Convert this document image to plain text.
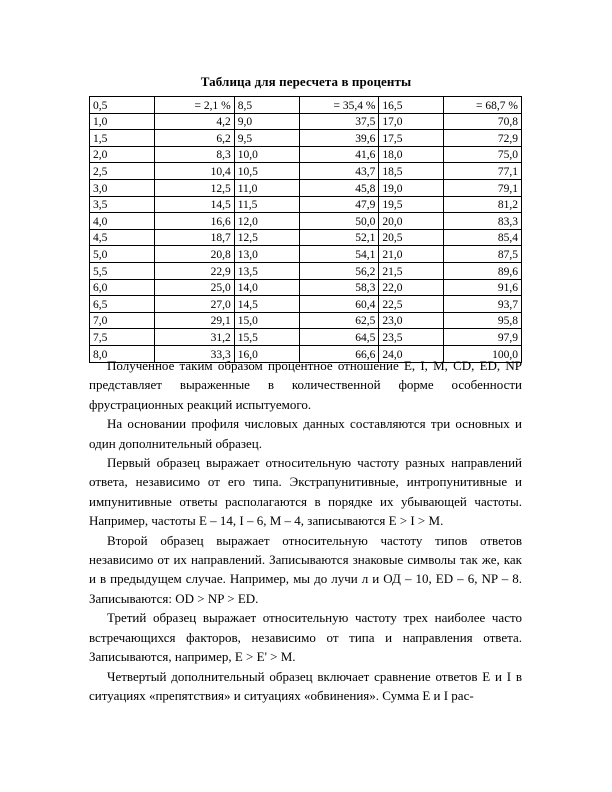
Таблица для пересчета в проценты
0,5	= 2,1 %	8,5	= 35,4 %	16,5	= 68,7 %
1,0	4,2	9,0	37,5	17,0	70,8
1,5	6,2	9,5	39,6	17,5	72,9
2,0	8,3	10,0	41,6	18,0	75,0
2,5	10,4	10,5	43,7	18,5	77,1
3,0	12,5	11,0	45,8	19,0	79,1
3,5	14,5	11,5	47,9	19,5	81,2
4,0	16,6	12,0	50,0	20,0	83,3
4,5	18,7	12,5	52,1	20,5	85,4
5,0	20,8	13,0	54,1	21,0	87,5
5,5	22,9	13,5	56,2	21,5	89,6
6,0	25,0	14,0	58,3	22,0	91,6
6,5	27,0	14,5	60,4	22,5	93,7
7,0	29,1	15,0	62,5	23,0	95,8
7,5	31,2	15,5	64,5	23,5	97,9
8,0	33,3	16,0	66,6	24,0	100,0

Полученное таким образом процентное отношение E, I, M, CD, ED, NP представляет выраженные в количественной форме особенности фрустрационных реакций испытуемого.

На основании профиля числовых данных составляются три основных и один дополнительный образец.

Первый образец выражает относительную частоту разных направлений ответа, независимо от его типа. Экстрапунитивные, интропунитивные и импунитивные ответы располагаются в порядке их убывающей частоты. Например, частоты E – 14, I – 6, M – 4, записываются E > I > M.

Второй образец выражает относительную частоту типов ответов независимо от их направлений. Записываются знаковые символы так же, как и в предыдущем случае. Например, мы до лучи л и ОД – 10, ED – 6, NP – 8. Записываются: OD > NP > ED.

Третий образец выражает относительную частоту трех наиболее часто встречающихся факторов, независимо от типа и направления ответа. Записываются, например, E > E' > M.

Четвертый дополнительный образец включает сравнение ответов E и I в ситуациях «препятствия» и ситуациях «обвинения». Сумма E и I рас-
